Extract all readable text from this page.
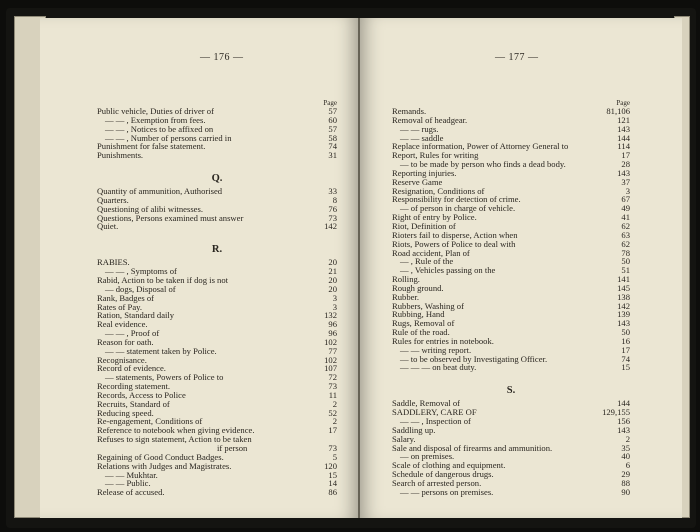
— 176 —
Page
Public vehicle, Duties of driver of	57
— — , Exemption from fees.	60
— — , Notices to be affixed on	57
— — , Number of persons carried in	58
Punishment for false statement.	74
Punishments.	31
Q.
Quantity of ammunition, Authorised	33
Quarters.	8
Questioning of alibi witnesses.	76
Questions, Persons examined must answer	73
Quiet.	142
R.
RABIES.	20
— — , Symptoms of	21
Rabid, Action to be taken if dog is not	20
— dogs, Disposal of	20
Rank, Badges of	3
Rates of Pay.	3
Ration, Standard daily	132
Real evidence.	96
— — , Proof of	96
Reason for oath.	102
— — statement taken by Police.	77
Recognisance.	102
Record of evidence.	107
— statements, Powers of Police to	72
Recording statement.	73
Records, Access to Police	11
Recruits, Standard of	2
Reducing speed.	52
Re-engagement, Conditions of	2
Reference to notebook when giving evidence.	17
Refuses to sign statement, Action to be taken
if person	73
Regaining of Good Conduct Badges.	5
Relations with Judges and Magistrates.	120
— — Mukhtar.	15
— — Public.	14
Release of accused.	86
— 177 —
Page
Remands.	81,106
Removal of headgear.	121
— — rugs.	143
— — saddle	144
Replace information, Power of Attorney General to	114
Report, Rules for writing	17
— to be made by person who finds a dead body.	28
Reporting injuries.	143
Reserve Game	37
Resignation, Conditions of	3
Responsibility for detection of crime.	67
— of person in charge of vehicle.	49
Right of entry by Police.	41
Riot, Definition of	62
Rioters fail to disperse, Action when	63
Riots, Powers of Police to deal with	62
Road accident, Plan of	78
— , Rule of the	50
— , Vehicles passing on the	51
Rolling.	141
Rough ground.	145
Rubber.	138
Rubbers, Washing of	142
Rubbing, Hand	139
Rugs, Removal of	143
Rule of the road.	50
Rules for entries in notebook.	16
— — writing report.	17
— to be observed by Investigating Officer.	74
— — — on beat duty.	15
S.
Saddle, Removal of	144
SADDLERY, CARE OF	129,155
— — , Inspection of	156
Saddling up.	143
Salary.	2
Sale and disposal of firearms and ammunition.	35
— on premises.	40
Scale of clothing and equipment.	6
Schedule of dangerous drugs.	29
Search of arrested person.	88
— — persons on premises.	90
